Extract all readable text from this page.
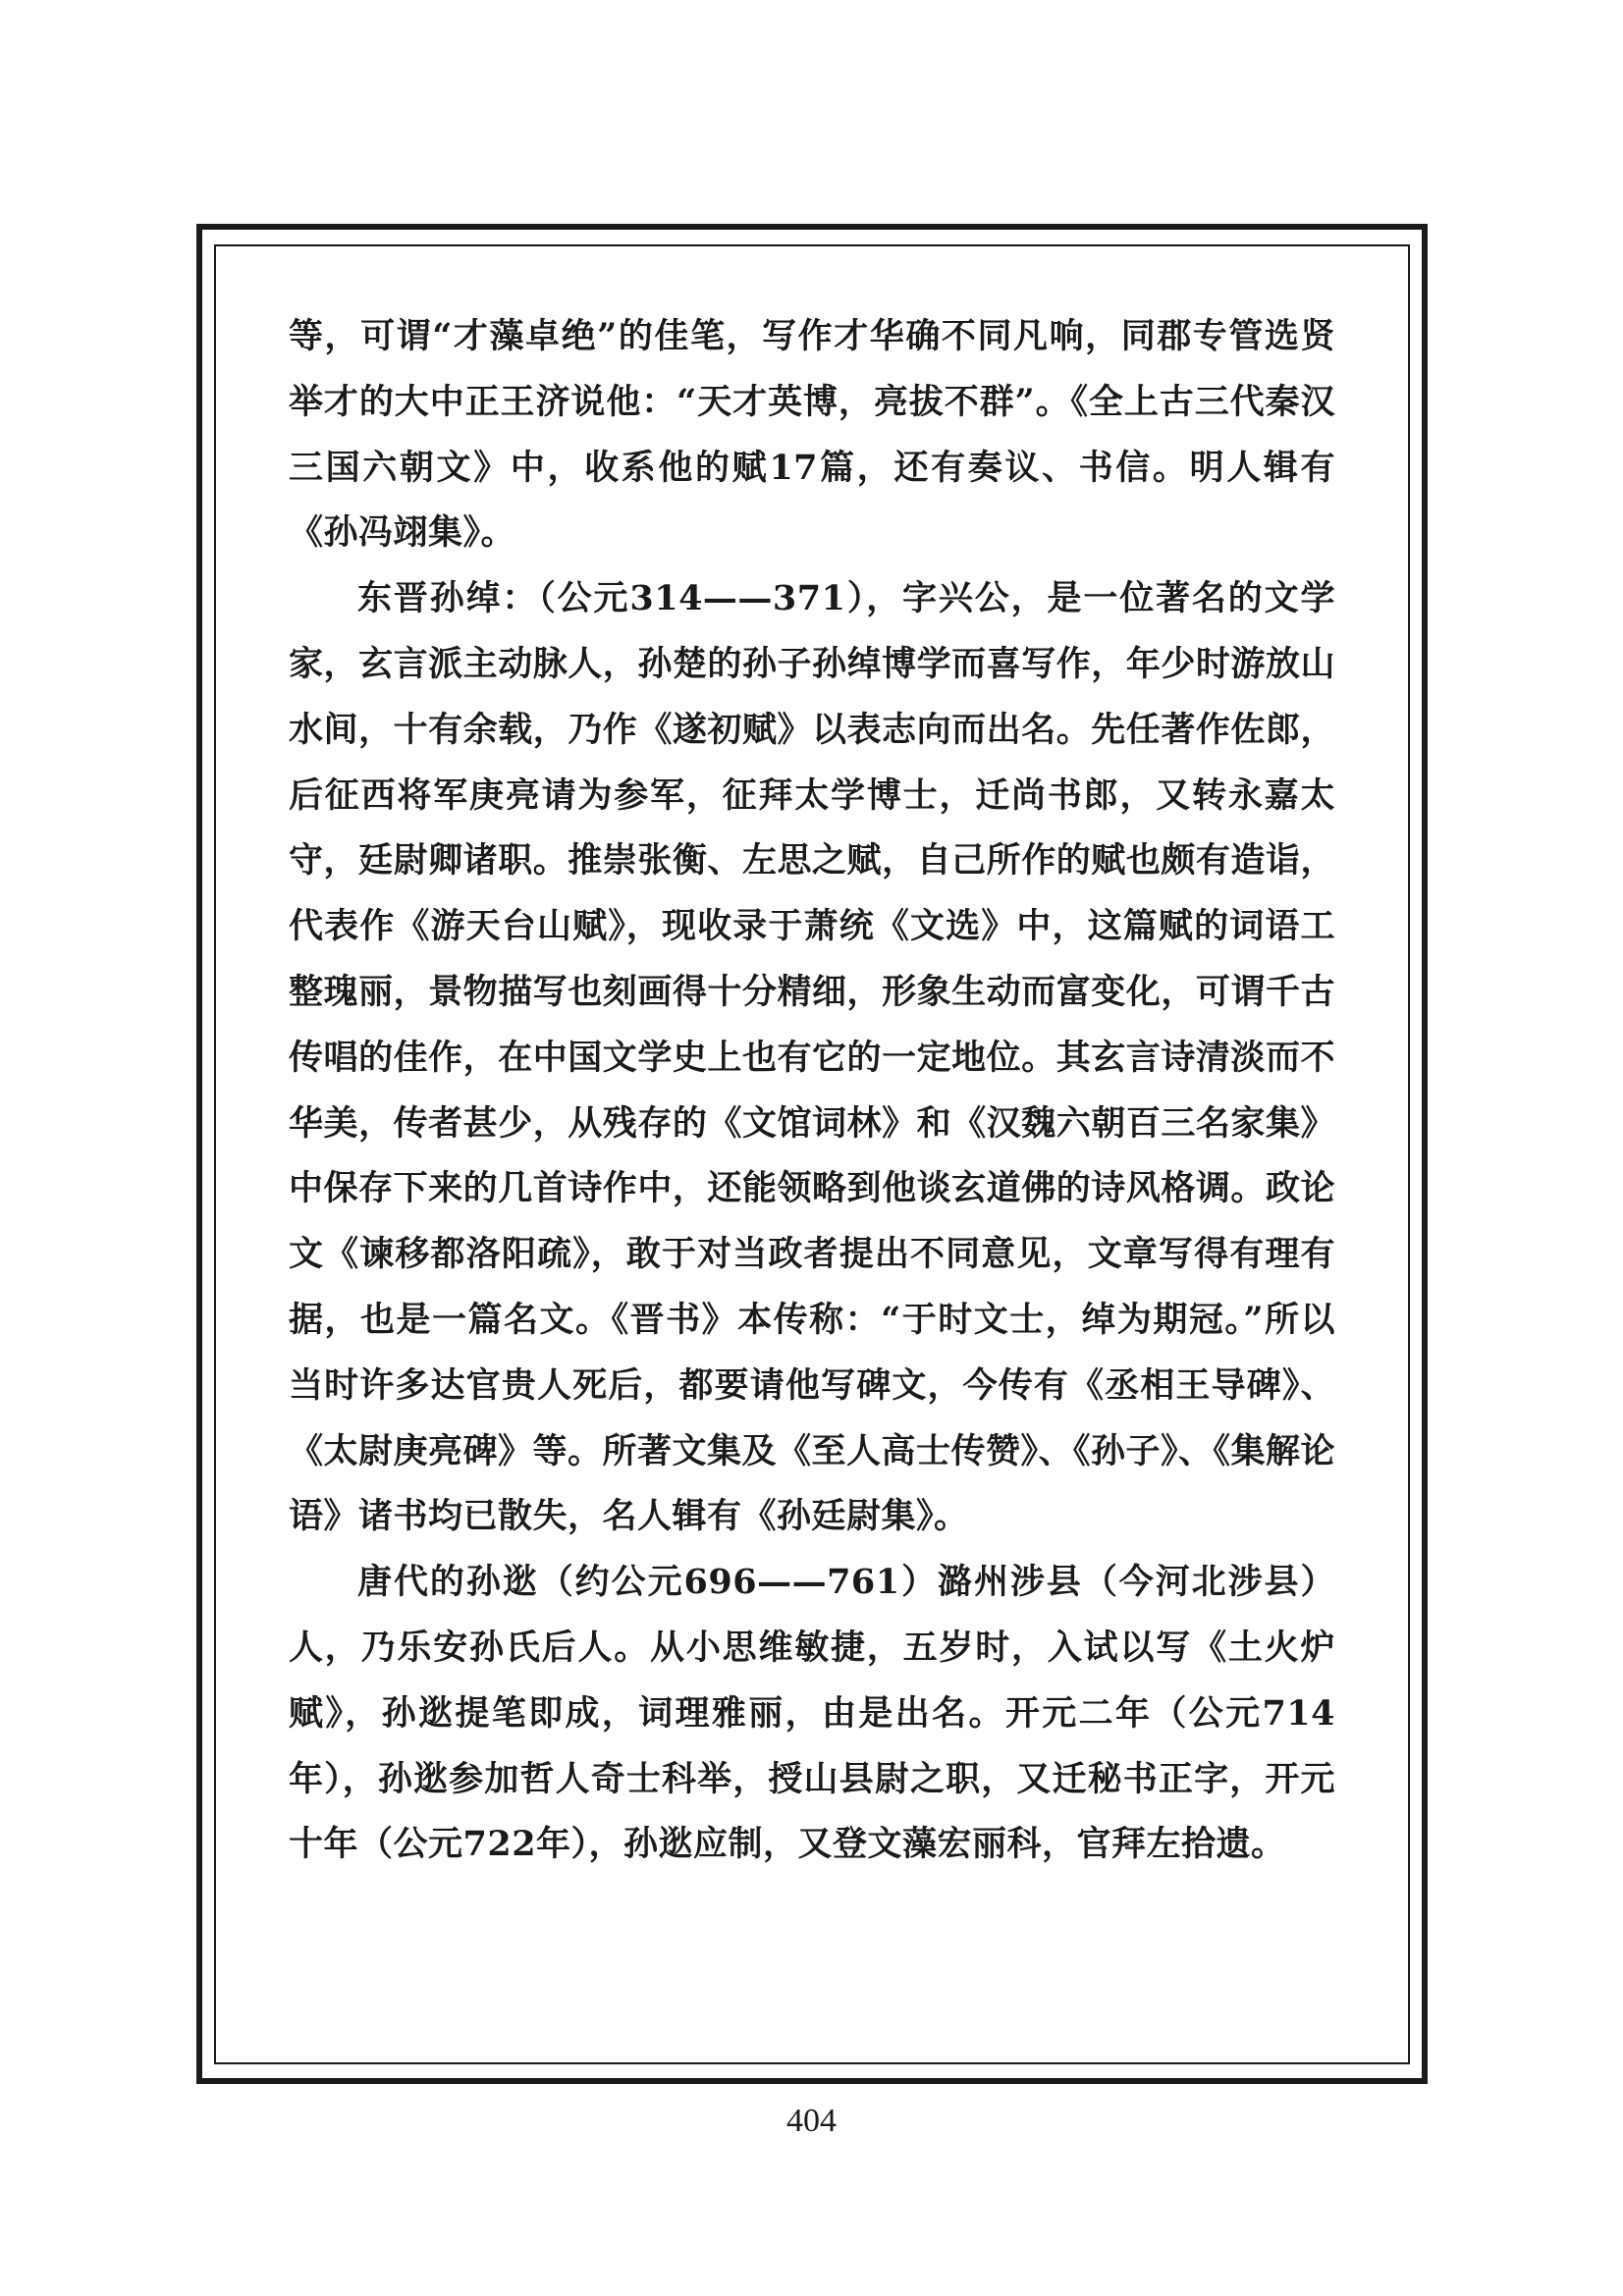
等，可谓“才藻卓绝”的佳笔，写作才华确不同凡响，同郡专管选贤举才的大中正王济说他：“天才英博，亮拔不群”。《全上古三代秦汉三国六朝文》中，收系他的赋17篇，还有奏议、书信。明人辑有《孙冯翊集》。

东晋孙绰：（公元314——371），字兴公，是一位著名的文学家，玄言派主动脉人，孙楚的孙子孙绰博学而喜写作，年少时游放山水间，十有余载，乃作《遂初赋》以表志向而出名。先任著作佐郎，后征西将军庚亮请为参军，征拜太学博士，迁尚书郎，又转永嘉太守，廷尉卿诸职。推崇张衡、左思之赋，自己所作的赋也颇有造诣，代表作《游天台山赋》，现收录于萧统《文选》中，这篇赋的词语工整瑰丽，景物描写也刻画得十分精细，形象生动而富变化，可谓千古传唱的佳作，在中国文学史上也有它的一定地位。其玄言诗清淡而不华美，传者甚少，从残存的《文馆词林》和《汉魏六朝百三名家集》中保存下来的几首诗作中，还能领略到他谈玄道佛的诗风格调。政论文《谏移都洛阳疏》，敢于对当政者提出不同意见，文章写得有理有据，也是一篇名文。《晋书》本传称：“于时文士，绰为期冠。”所以当时许多达官贵人死后，都要请他写碑文，今传有《丞相王导碑》、《太尉庚亮碑》等。所著文集及《至人高士传赞》、《孙子》、《集解论语》诸书均已散失，名人辑有《孙廷尉集》。

唐代的孙逖（约公元696——761）潞州涉县（今河北涉县）人，乃乐安孙氏后人。从小思维敏捷，五岁时，入试以写《土火炉赋》，孙逖提笔即成，词理雅丽，由是出名。开元二年（公元714年），孙逖参加哲人奇士科举，授山县尉之职，又迁秘书正字，开元十年（公元722年），孙逖应制，又登文藻宏丽科，官拜左拾遗。

404
